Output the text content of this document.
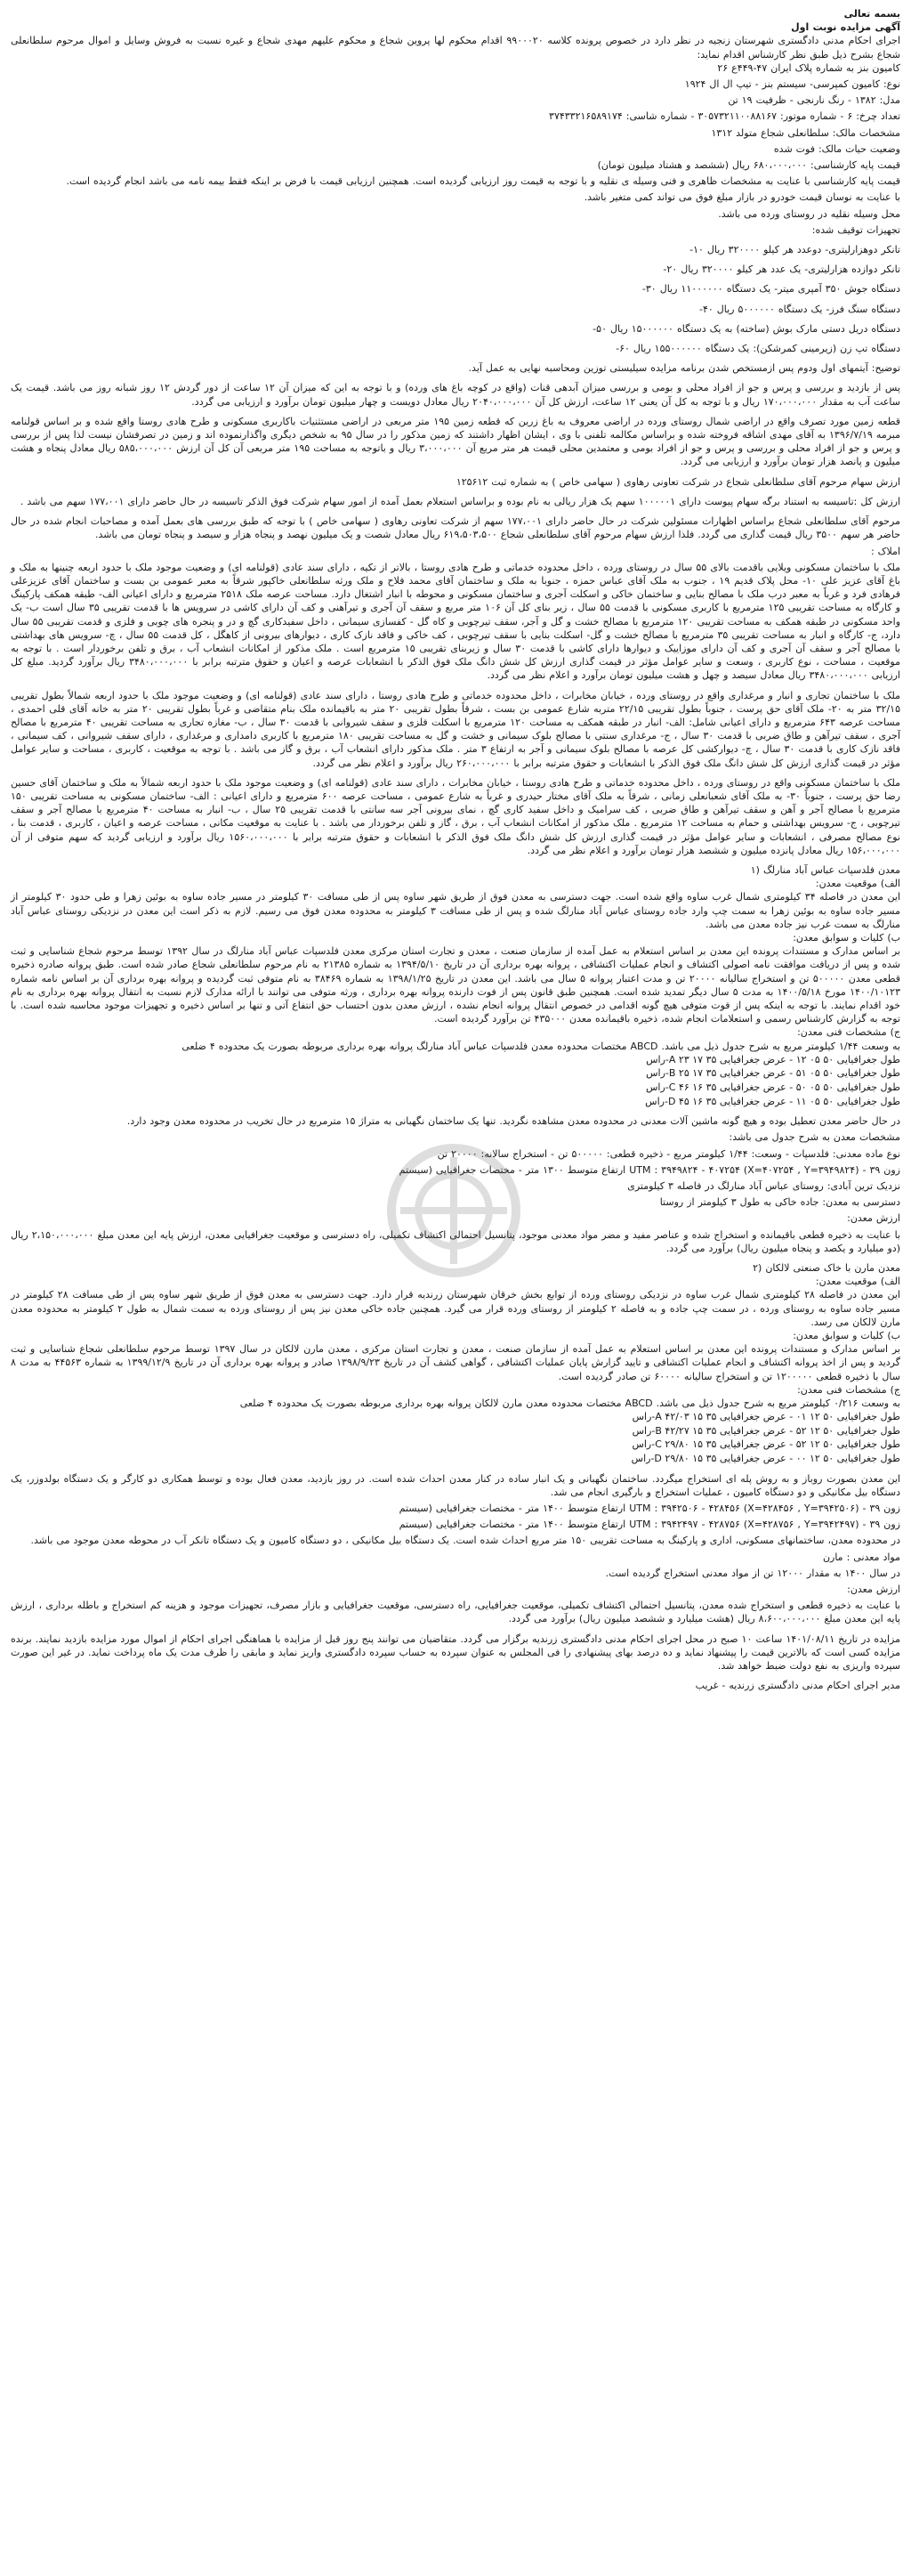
بسمه تعالی

آگهی مزایده نوبت اول

اجرای احکام مدنی دادگستری شهرستان زنجیه در نظر دارد در خصوص پرونده کلاسه ۹۹۰۰۰۲۰ اقدام محکوم لها پروین شجاع و محکوم علیهم مهدی شجاع و غیره نسبت به فروش وسایل و اموال مرحوم سلطانعلی شجاع بشرح ذیل طبق نظر کارشناس اقدام نماید:

کامیون بنز به شماره پلاک ایران ۴۷-۴۴۹ع ۲۶

نوع: کامیون کمپرسی- سیستم بنز - تیپ ال ال ۱۹۲۴

مدل: ۱۳۸۲ - رنگ نارنجی - ظرفیت ۱۹ تن

تعداد چرخ: ۶ - شماره موتور: ۳۰۵۷۳۲۱۱۰۰۸۸۱۶۷ - شماره شاسی: ۳۷۴۳۳۲۱۶۵۸۹۱۷۴

مشخصات مالک: سلطانعلی شجاع متولد ۱۳۱۲

وضعیت حیات مالک: فوت شده

قیمت پایه کارشناسی: ۶۸۰،۰۰۰،۰۰۰ ریال (ششصد و هشتاد میلیون تومان)

قیمت پایه کارشناسی با عنایت به مشخصات ظاهری و فنی وسیله ی نقلیه و با توجه به قیمت روز ارزیابی گردیده است. همچنین ارزیابی قیمت با فرض بر اینکه فقط بیمه نامه می باشد انجام گردیده است.

با عنایت به نوسان قیمت خودرو در بازار مبلغ فوق می تواند کمی متغیر باشد.

محل وسیله نقلیه در روستای ورده می باشد.

تجهیزات توقیف شده:

تانکر دوهزارلیتری- دوعدد هر کیلو ۳۲۰۰۰۰ ریال ۱۰-

تانکر دوازده هزارلیتری- یک عدد هر کیلو ۳۲۰۰۰۰ ریال ۲۰-

دستگاه جوش ۳۵۰ آمپری میتر- یک دستگاه ۱۱۰۰۰۰۰۰ ریال ۳۰-

دستگاه سنگ فرز- یک دستگاه ۵۰۰۰۰۰۰ ریال ۴۰-

دستگاه دریل دستی مارک بوش (ساخته) به یک دستگاه ۱۵۰۰۰۰۰۰ ریال ۵۰-

دستگاه تپ زن (زیرمینی کمرشکن): یک دستگاه ۱۵۵۰۰۰۰۰۰ ریال ۶۰-

توضیح: آیتمهای اول ودوم پس ازمستخص شدن برنامه مزایده سیلیستی توزین ومحاسبه نهایی به عمل آید.

پس از بازدید و بررسی و پرس و جو از افراد محلی و بومی و بررسی میزان آبدهی قنات (واقع در کوچه باغ های ورده) و با توجه به این که میزان آن ۱۲ ساعت از دور گردش ۱۲ روز شبانه روز می باشد. قیمت یک ساعت آب به مقدار ۱۷۰،۰۰۰،۰۰۰ ریال و با توجه به کل آن یعنی ۱۲ ساعت، ارزش کل آن ۲۰۴۰،۰۰۰،۰۰۰ ریال معادل دویست و چهار میلیون تومان برآورد و ارزیابی می گردد.

قطعه زمین مورد تصرف واقع در اراضی شمال روستای ورده در اراضی معروف به باغ زرین که قطعه زمین ۱۹۵ متر مربعی در اراضی مستثنیات باکاربری مسکونی و طرح هادی روستا واقع شده و بر اساس قولنامه مبرمه ۱۳۹۶/۷/۱۹ به آقای مهدی اشاقه فروخته شده و براساس مکالمه تلفنی با وی ، ایشان اظهار داشتند که زمین مذکور را در سال ۹۵ به شخص دیگری واگذارنموده اند و زمین در تصرفشان نیست لذا پس از بررسی و پرس و جو از افراد محلی و بررسی و پرس و جو از افراد بومی و معتمدین محلی قیمت هر متر مربع آن ۳،۰۰۰،۰۰۰ ریال و باتوجه به مساحت ۱۹۵ متر مربعی آن کل آن ارزش ۵۸۵،۰۰۰،۰۰۰ ریال معادل پنجاه و هشت میلیون و پانصد هزار تومان برآورد و ارزیابی می گردد.

ارزش سهام مرحوم آقای سلطانعلی شجاع در شرکت تعاونی رهاوی ( سهامی خاص ) به شماره ثبت ۱۲۵۶۱۲

ارزش کل :تاسیسه به استناد برگه سهام پیوست دارای ۱۰۰۰۰۰۱ سهم یک هزار ریالی به نام بوده و براساس استعلام بعمل آمده از امور سهام شرکت فوق الذکر تاسیسه در حال حاضر دارای ۱۷۷،۰۰۱ سهم می باشد .

مرحوم آقای سلطانعلی شجاع براساس اظهارات مسئولین شرکت در حال حاضر دارای ۱۷۷،۰۰۱ سهم از شرکت تعاونی رهاوی ( سهامی خاص ) با توجه که طبق بررسی های بعمل آمده و مصاحبات انجام شده در حال حاضر هر سهم ۳۵۰۰ ریال قیمت گذاری می گردد. فلذا ارزش سهام مرحوم آقای سلطانعلی شجاع ۶۱۹،۵۰۳،۵۰۰ ریال معادل شصت و یک میلیون نهصد و پنجاه هزار و سیصد و پنجاه تومان می باشد.

املاک :

ملک با ساختمان مسکونی ویلایی باقدمت بالای ۵۵ سال در روستای ورده ، داخل محدوده خدماتی و طرح هادی روستا ، بالاتر از تکیه ، دارای سند عادی (قولنامه ای) و وضعیت موجود ملک با حدود اربعه چنینها به ملک و باغ آقای عزیز علی ۱۰- محل پلاک قدیم ۱۹ ، جنوب به ملک آقای عباس حمزه ، جنوبا به ملک و ساختمان آقای محمد فلاح و ملک ورثه سلطانعلی خاکپور شرقاً به معبر عمومی بن بست و ساختمان آقای عزیزعلی فرهادی فرد و غرباً به معبر درب ملک با مصالح بنایی و ساختمان خاکی و اسکلت آجری و ساختمان مسکونی و محوطه با انبار اشتغال دارد. مساحت عرصه ملک ۲۵۱۸ مترمربع و دارای اعیانی الف- طبقه همکف پارکینگ و کارگاه به مساحت تقریبی ۱۲۵ مترمربع با کاربری مسکونی با قدمت ۵۵ سال ، زیر بنای کل آن ۱۰۶ متر مربع و سقف آن آجری و تیرآهنی و کف آن دارای کاشی در سرویس ها با قدمت تقریبی ۳۵ سال است ب- یک واحد مسکونی در طبقه همکف به مساحت تقریبی ۱۲۰ مترمربع با مصالح خشت و گل و آجر، سقف تیرچوبی و کاه گل - کفسازی سیمانی ، داخل سفیدکاری گچ و در و پنجره های چوبی و فلزی و قدمت تقریبی ۵۵ سال دارد، ج- کارگاه و انبار به مساحت تقریبی ۳۵ مترمربع با مصالح خشت و گل- اسکلت بنایی با سقف تیرچوبی ، کف خاکی و فاقد نازک کاری ، دیوارهای بیرونی از کاهگل ، کل قدمت ۵۵ سال ، چ- سرویس های بهداشتی با مصالح آجر و سقف آن آجری و کف آن دارای موزاییک و دیوارها دارای کاشی با قدمت ۳۰ سال و زیربنای تقریبی ۱۵ مترمربع است . ملک مذکور از امکانات انشعاب آب ، برق و تلفن برخوردار است . با توجه به موقعیت ، مساحت ، نوع کاربری ، وسعت و سایر عوامل مؤثر در قیمت گذاری ارزش کل شش دانگ ملک فوق الذکر با انشعابات عرصه و اعیان و حقوق مترتبه برابر با ۳۴۸۰،۰۰۰،۰۰۰ ریال برآورد گردید. مبلغ کل ارزیابی ۳۴۸۰،۰۰۰،۰۰۰ ریال معادل سیصد و چهل و هشت میلیون تومان برآورد و اعلام نظر می گردد.

ملک با ساختمان تجاری و انبار و مرغداری واقع در روستای ورده ، خیابان مخابرات ، داخل محدوده خدماتی و طرح هادی روستا ، دارای سند عادی (قولنامه ای) و وضعیت موجود ملک با حدود اربعه شمالاً بطول تقریبی ۳۲/۱۵ متر به ۲۰- ملک آقای حق پرست ، جنوباً بطول تقریبی ۲۲/۱۵ متربه شارع عمومی بن بست ، شرقاً بطول تقریبی ۲۰ متر به باقیمانده ملک بنام متقاضی و غرباً بطول تقریبی ۲۰ متر به خانه آقای قلی احمدی ، مساحت عرصه ۶۴۳ مترمربع و دارای اعیانی شامل: الف- انبار در طبقه همکف به مساحت ۱۲۰ مترمربع با اسکلت فلزی و سقف شیروانی با قدمت ۳۰ سال ، ب- مغازه تجاری به مساحت تقریبی ۴۰ مترمربع با مصالح آجری ، سقف تیرآهن و طاق ضربی با قدمت ۳۰ سال ، ج- مرغداری سنتی با مصالح بلوک سیمانی و خشت و گل به مساحت تقریبی ۱۸۰ مترمربع با کاربری دامداری و مرغداری ، دارای سقف شیروانی ، کف سیمانی ، فاقد نازک کاری با قدمت ۳۰ سال ، چ- دیوارکشی کل عرصه با مصالح بلوک سیمانی و آجر به ارتفاع ۳ متر . ملک مذکور دارای انشعاب آب ، برق و گاز می باشد . با توجه به موقعیت ، کاربری ، مساحت و سایر عوامل مؤثر در قیمت گذاری ارزش کل شش دانگ ملک فوق الذکر با انشعابات و حقوق مترتبه برابر با ۲۶۰،۰۰۰،۰۰۰ ریال برآورد و اعلام نظر می گردد.

ملک با ساختمان مسکونی واقع در روستای ورده ، داخل محدوده خدماتی و طرح هادی روستا ، خیابان مخابرات ، دارای سند عادی (قولنامه ای) و وضعیت موجود ملک با حدود اربعه شمالاً به ملک و ساختمان آقای حسین رضا حق پرست ، جنوباً ۳۰- به ملک آقای شعبانعلی زمانی ، شرقاً به ملک آقای مختار حیدری و غرباً به شارع عمومی ، مساحت عرصه ۶۰۰ مترمربع و دارای اعیانی : الف- ساختمان مسکونی به مساحت تقریبی ۱۵۰ مترمربع با مصالح آجر و آهن و سقف تیرآهن و طاق ضربی ، کف سرامیک و داخل سفید کاری گچ ، نمای بیرونی آجر سه سانتی با قدمت تقریبی ۲۵ سال ، ب- انبار به مساحت ۴۰ مترمربع با مصالح آجر و سقف تیرچوبی ، ج- سرویس بهداشتی و حمام به مساحت ۱۲ مترمربع . ملک مذکور از امکانات انشعاب آب ، برق ، گاز و تلفن برخوردار می باشد . با عنایت به موقعیت مکانی ، مساحت عرصه و اعیان ، کاربری ، قدمت بنا ، نوع مصالح مصرفی ، انشعابات و سایر عوامل مؤثر در قیمت گذاری ارزش کل شش دانگ ملک فوق الذکر با انشعابات و حقوق مترتبه برابر با ۱۵۶۰،۰۰۰،۰۰۰ ریال برآورد و ارزیابی گردید که سهم متوفی از آن ۱۵۶،۰۰۰،۰۰۰ ریال معادل پانزده میلیون و ششصد هزار تومان برآورد و اعلام نظر می گردد.

معدن فلدسپات عباس آباد منارلگ (۱

الف) موقعیت معدن:

این معدن در فاصله ۳۴ کیلومتری شمال غرب ساوه واقع شده است. جهت دسترسی به معدن فوق از طریق شهر ساوه پس از طی مسافت ۳۰ کیلومتر در مسیر جاده ساوه به بوئین زهرا و طی حدود ۳۰ کیلومتر از مسیر جاده ساوه به بوئین زهرا به سمت چپ وارد جاده روستای عباس آباد منارلگ شده و پس از طی مسافت ۳ کیلومتر به محدوده معدن فوق می رسیم. لازم به ذکر است این معدن در نزدیکی روستای عباس آباد منارلگ به سمت غرب نیز جاده معدن می باشد.

ب) کلیات و سوابق معدن:

بر اساس مدارک و مستندات پرونده این معدن بر اساس استعلام به عمل آمده از سازمان صنعت ، معدن و تجارت استان مرکزی معدن فلدسپات عباس آباد منارلگ در سال ۱۳۹۲ توسط مرحوم شجاع شناسایی و ثبت شده و پس از دریافت موافقت نامه اصولی اکتشاف و انجام عملیات اکتشافی ، پروانه بهره برداری آن در تاریخ ۱۳۹۴/۵/۱۰ به شماره ۲۱۳۸۵ به نام مرحوم سلطانعلی شجاع صادر شده است. طبق پروانه صادره ذخیره قطعی معدن ۵۰۰۰۰۰ تن و استخراج سالیانه ۲۰۰۰۰ تن و مدت اعتبار پروانه ۵ سال می باشد. این معدن در تاریخ ۱۳۹۸/۱/۲۵ به شماره ۳۸۴۶۹ به نام متوفی ثبت گردیده و پروانه بهره برداری آن بر اساس نامه شماره ۱۴۰۰/۱۰۱۲۳ مورخ ۱۴۰۰/۵/۱۸ به مدت ۵ سال دیگر تمدید شده است. همچنین طبق قانون پس از فوت دارنده پروانه بهره برداری ، ورثه متوفی می توانند با ارائه مدارک لازم نسبت به انتقال پروانه بهره برداری به نام خود اقدام نمایند. با توجه به اینکه پس از فوت متوفی هیچ گونه اقدامی در خصوص انتقال پروانه انجام نشده ، ارزش معدن بدون احتساب حق انتفاع آتی و تنها بر اساس ذخیره و تجهیزات موجود محاسبه شده است. با توجه به گزارش کارشناس رسمی و استعلامات انجام شده، ذخیره باقیمانده معدن ۴۳۵۰۰۰ تن برآورد گردیده است.

ج) مشخصات فنی معدن:

به وسعت ۱/۴۴ کیلومتر مربع به شرح جدول ذیل می باشد. ABCD مختصات محدوده معدن فلدسپات عباس آباد منارلگ پروانه بهره برداری مربوطه بصورت یک محدوده ۴ ضلعی

طول جغرافیایی ۵۰ ۰۵ ۱۲ - عرض جغرافیایی ۳۵ ۱۷ ۲۳ A-راس

طول جغرافیایی ۵۰ ۰۵ ۵۱ - عرض جغرافیایی ۳۵ ۱۷ ۲۵ B-راس

طول جغرافیایی ۵۰ ۰۵ ۵۰ - عرض جغرافیایی ۳۵ ۱۶ ۴۶ C-راس

طول جغرافیایی ۵۰ ۰۵ ۱۱ - عرض جغرافیایی ۳۵ ۱۶ ۴۵ D-راس

در حال حاضر معدن تعطیل بوده و هیچ گونه ماشین آلات معدنی در محدوده معدن مشاهده نگردید. تنها یک ساختمان نگهبانی به متراژ ۱۵ مترمربع در حال تخریب در محدوده معدن وجود دارد.

مشخصات معدن به شرح جدول می باشد:

نوع ماده معدنی: فلدسپات - وسعت: ۱/۴۴ کیلومتر مربع - ذخیره قطعی: ۵۰۰۰۰۰ تن - استخراج سالانه: ۲۰۰۰۰ تن

زون ۳۹ - UTM : ۳۹۴۹۸۲۴ - ۴۰۷۲۵۴ (X=۴۰۷۲۵۴ , Y=۳۹۴۹۸۲۴) ارتفاع متوسط ۱۳۰۰ متر - مختصات جغرافیایی (سیستم

نزدیک ترین آبادی: روستای عباس آباد منارلگ در فاصله ۳ کیلومتری

دسترسی به معدن: جاده خاکی به طول ۳ کیلومتر از روستا

ارزش معدن:

با عنایت به ذخیره قطعی باقیمانده و استخراج شده و عناصر مفید و مضر مواد معدنی موجود، پتانسیل احتمالی اکتشاف تکمیلی، راه دسترسی و موقعیت جغرافیایی معدن، ارزش پایه این معدن مبلغ ۲،۱۵۰،۰۰۰،۰۰۰ ریال (دو میلیارد و یکصد و پنجاه میلیون ریال) برآورد می گردد.

معدن مارن با خاک صنعتی لالکان (۲

الف) موقعیت معدن:

این معدن در فاصله ۲۸ کیلومتری شمال غرب ساوه در نزدیکی روستای ورده از توابع بخش خرقان شهرستان زرندیه قرار دارد. جهت دسترسی به معدن فوق از طریق شهر ساوه پس از طی مسافت ۲۸ کیلومتر در مسیر جاده ساوه به روستای ورده ، در سمت چپ جاده و به فاصله ۲ کیلومتر از روستای ورده قرار می گیرد. همچنین جاده خاکی معدن نیز پس از روستای ورده به سمت شمال به طول ۲ کیلومتر به محدوده معدن مارن لالکان می رسد.

ب) کلیات و سوابق معدن:

بر اساس مدارک و مستندات پرونده این معدن بر اساس استعلام به عمل آمده از سازمان صنعت ، معدن و تجارت استان مرکزی ، معدن مارن لالکان در سال ۱۳۹۷ توسط مرحوم سلطانعلی شجاع شناسایی و ثبت گردید و پس از اخذ پروانه اکتشاف و انجام عملیات اکتشافی و تایید گزارش پایان عملیات اکتشافی ، گواهی کشف آن در تاریخ ۱۳۹۸/۹/۲۳ صادر و پروانه بهره برداری آن در تاریخ ۱۳۹۹/۱۲/۹ به شماره ۴۴۵۶۳ به مدت ۸ سال با ذخیره قطعی ۱۲۰۰۰۰۰ تن و استخراج سالیانه ۶۰۰۰۰ تن صادر گردیده است.

ج) مشخصات فنی معدن:

به وسعت ۰/۲۱۶ کیلومتر مربع به شرح جدول ذیل می باشد. ABCD مختصات محدوده معدن مارن لالکان پروانه بهره برداری مربوطه بصورت یک محدوده ۴ ضلعی

طول جغرافیایی ۵۰ ۱۲ ۰۱ - عرض جغرافیایی ۳۵ ۱۵ ۴۲/۰۳ A-راس

طول جغرافیایی ۵۰ ۱۲ ۵۲ - عرض جغرافیایی ۳۵ ۱۵ ۴۲/۲۷ B-راس

طول جغرافیایی ۵۰ ۱۲ ۵۲ - عرض جغرافیایی ۳۵ ۱۵ ۲۹/۸۰ C-راس

طول جغرافیایی ۵۰ ۱۲ ۰۰ - عرض جغرافیایی ۳۵ ۱۵ ۲۹/۸۰ D-راس

این معدن بصورت روباز و به روش پله ای استخراج میگردد. ساختمان نگهبانی و یک انبار ساده در کنار معدن احداث شده است. در روز بازدید، معدن فعال بوده و توسط همکاری دو کارگر و یک دستگاه بولدوزر، یک دستگاه بیل مکانیکی و دو دستگاه کامیون ، عملیات استخراج و بارگیری انجام می شد.

زون ۳۹ - UTM : ۳۹۴۲۵۰۶ - ۴۲۸۴۵۶ (X=۴۲۸۴۵۶ , Y=۳۹۴۲۵۰۶) ارتفاع متوسط ۱۴۰۰ متر - مختصات جغرافیایی (سیستم

زون ۳۹ - UTM : ۳۹۴۲۴۹۷ - ۴۲۸۷۵۶ (X=۴۲۸۷۵۶ , Y=۳۹۴۲۴۹۷) ارتفاع متوسط ۱۴۰۰ متر - مختصات جغرافیایی (سیستم

در محدوده معدن، ساختمانهای مسکونی، اداری و پارکینگ به مساحت تقریبی ۱۵۰ متر مربع احداث شده است. یک دستگاه بیل مکانیکی ، دو دستگاه کامیون و یک دستگاه تانکر آب در محوطه معدن موجود می باشد.

مواد معدنی : مارن

در سال ۱۴۰۰ به مقدار ۱۲۰۰۰ تن از مواد معدنی استخراج گردیده است.

ارزش معدن:

با عنایت به ذخیره قطعی و استخراج شده معدن، پتانسیل احتمالی اکتشاف تکمیلی، موقعیت جغرافیایی، راه دسترسی، موقعیت جغرافیایی و بازار مصرف، تجهیزات موجود و هزینه کم استخراج و باطله برداری ، ارزش پایه این معدن مبلغ ۸،۶۰۰،۰۰۰،۰۰۰ ریال (هشت میلیارد و ششصد میلیون ریال) برآورد می گردد.

مزایده در تاریخ ۱۴۰۱/۰۸/۱۱ ساعت ۱۰ صبح در محل اجرای احکام مدنی دادگستری زرندیه برگزار می گردد. متقاضیان می توانند پنج روز قبل از مزایده با هماهنگی اجرای احکام از اموال مورد مزایده بازدید نمایند. برنده مزایده کسی است که بالاترین قیمت را پیشنهاد نماید و ده درصد بهای پیشنهادی را فی المجلس به عنوان سپرده به حساب سپرده دادگستری واریز نماید و مابقی را ظرف مدت یک ماه پرداخت نماید. در غیر این صورت سپرده واریزی به نفع دولت ضبط خواهد شد.

مدیر اجرای احکام مدنی دادگستری زرندیه - غریب
